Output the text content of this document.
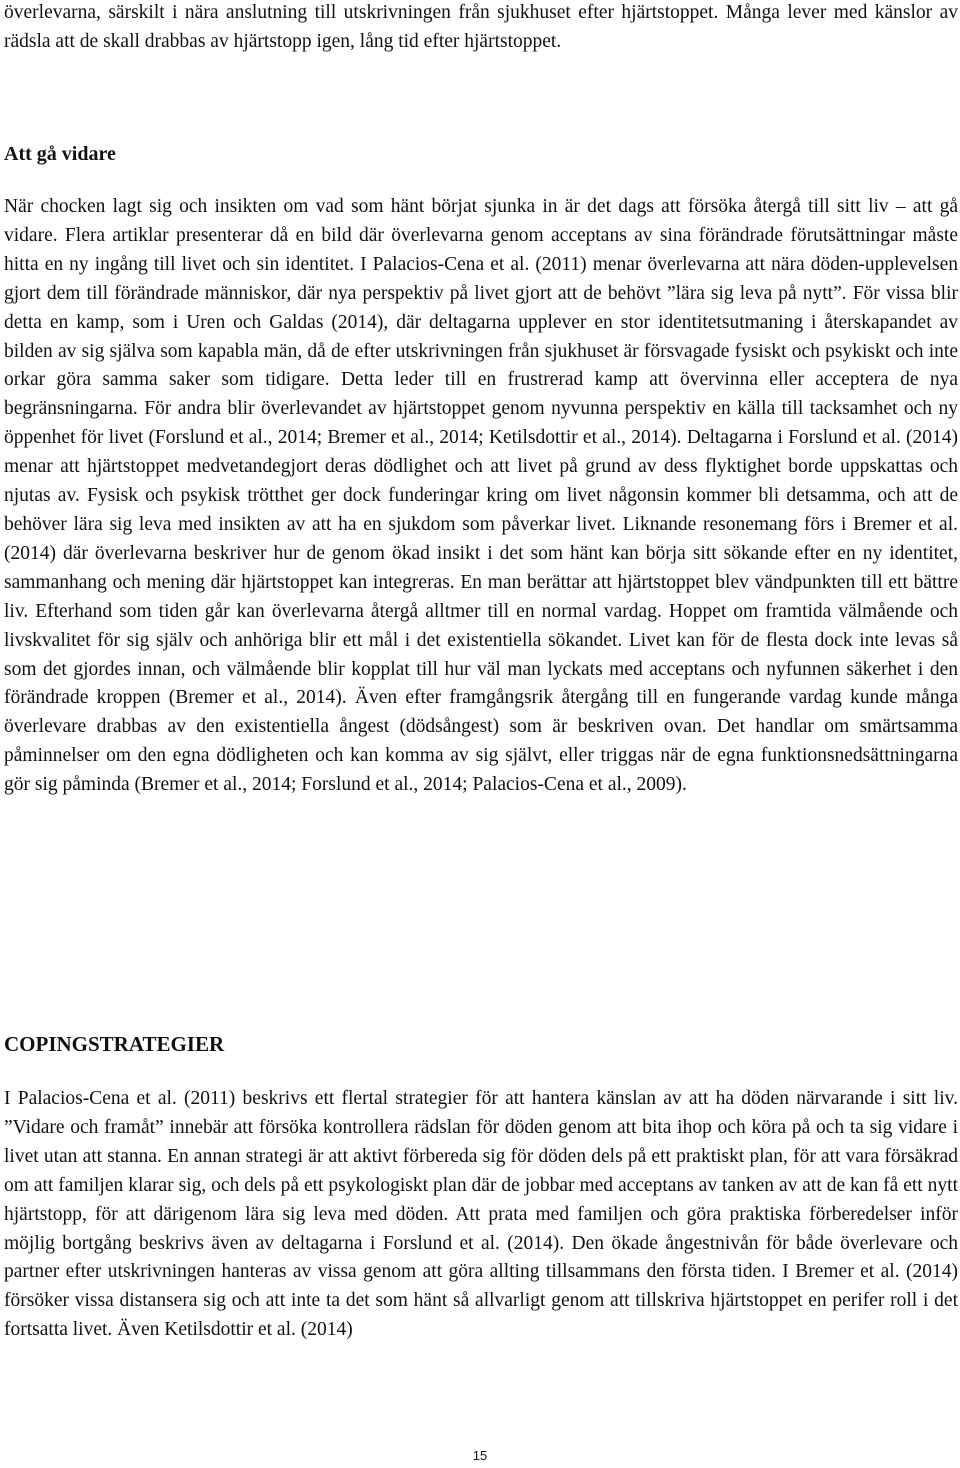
överlevarna, särskilt i nära anslutning till utskrivningen från sjukhuset efter hjärtstoppet. Många lever med känslor av rädsla att de skall drabbas av hjärtstopp igen, lång tid efter hjärtstoppet.

Att gå vidare

När chocken lagt sig och insikten om vad som hänt börjat sjunka in är det dags att försöka återgå till sitt liv – att gå vidare. Flera artiklar presenterar då en bild där överlevarna genom acceptans av sina förändrade förutsättningar måste hitta en ny ingång till livet och sin identitet. I Palacios-Cena et al. (2011) menar överlevarna att nära döden-upplevelsen gjort dem till förändrade människor, där nya perspektiv på livet gjort att de behövt ”lära sig leva på nytt”. För vissa blir detta en kamp, som i Uren och Galdas (2014), där deltagarna upplever en stor identitetsutmaning i återskapandet av bilden av sig själva som kapabla män, då de efter utskrivningen från sjukhuset är försvagade fysiskt och psykiskt och inte orkar göra samma saker som tidigare. Detta leder till en frustrerad kamp att övervinna eller acceptera de nya begränsningarna. För andra blir överlevandet av hjärtstoppet genom nyvunna perspektiv en källa till tacksamhet och ny öppenhet för livet (Forslund et al., 2014; Bremer et al., 2014; Ketilsdottir et al., 2014). Deltagarna i Forslund et al. (2014) menar att hjärtstoppet medvetandegjort deras dödlighet och att livet på grund av dess flyktighet borde uppskattas och njutas av. Fysisk och psykisk trötthet ger dock funderingar kring om livet någonsin kommer bli detsamma, och att de behöver lära sig leva med insikten av att ha en sjukdom som påverkar livet. Liknande resonemang förs i Bremer et al. (2014) där överlevarna beskriver hur de genom ökad insikt i det som hänt kan börja sitt sökande efter en ny identitet, sammanhang och mening där hjärtstoppet kan integreras. En man berättar att hjärtstoppet blev vändpunkten till ett bättre liv. Efterhand som tiden går kan överlevarna återgå alltmer till en normal vardag. Hoppet om framtida välmående och livskvalitet för sig själv och anhöriga blir ett mål i det existentiella sökandet. Livet kan för de flesta dock inte levas så som det gjordes innan, och välmående blir kopplat till hur väl man lyckats med acceptans och nyfunnen säkerhet i den förändrade kroppen (Bremer et al., 2014). Även efter framgångsrik återgång till en fungerande vardag kunde många överlevare drabbas av den existentiella ångest (dödsångest) som är beskriven ovan. Det handlar om smärtsamma påminnelser om den egna dödligheten och kan komma av sig självt, eller triggas när de egna funktionsnedsättningarna gör sig påminda (Bremer et al., 2014; Forslund et al., 2014; Palacios-Cena et al., 2009).

COPINGSTRATEGIER

I Palacios-Cena et al. (2011) beskrivs ett flertal strategier för att hantera känslan av att ha döden närvarande i sitt liv. ”Vidare och framåt” innebär att försöka kontrollera rädslan för döden genom att bita ihop och köra på och ta sig vidare i livet utan att stanna. En annan strategi är att aktivt förbereda sig för döden dels på ett praktiskt plan, för att vara försäkrad om att familjen klarar sig, och dels på ett psykologiskt plan där de jobbar med acceptans av tanken av att de kan få ett nytt hjärtstopp, för att därigenom lära sig leva med döden. Att prata med familjen och göra praktiska förberedelser inför möjlig bortgång beskrivs även av deltagarna i Forslund et al. (2014). Den ökade ångestnivån för både överlevare och partner efter utskrivningen hanteras av vissa genom att göra allting tillsammans den första tiden. I Bremer et al. (2014) försöker vissa distansera sig och att inte ta det som hänt så allvarligt genom att tillskriva hjärtstoppet en perifer roll i det fortsatta livet. Även Ketilsdottir et al. (2014)

15
